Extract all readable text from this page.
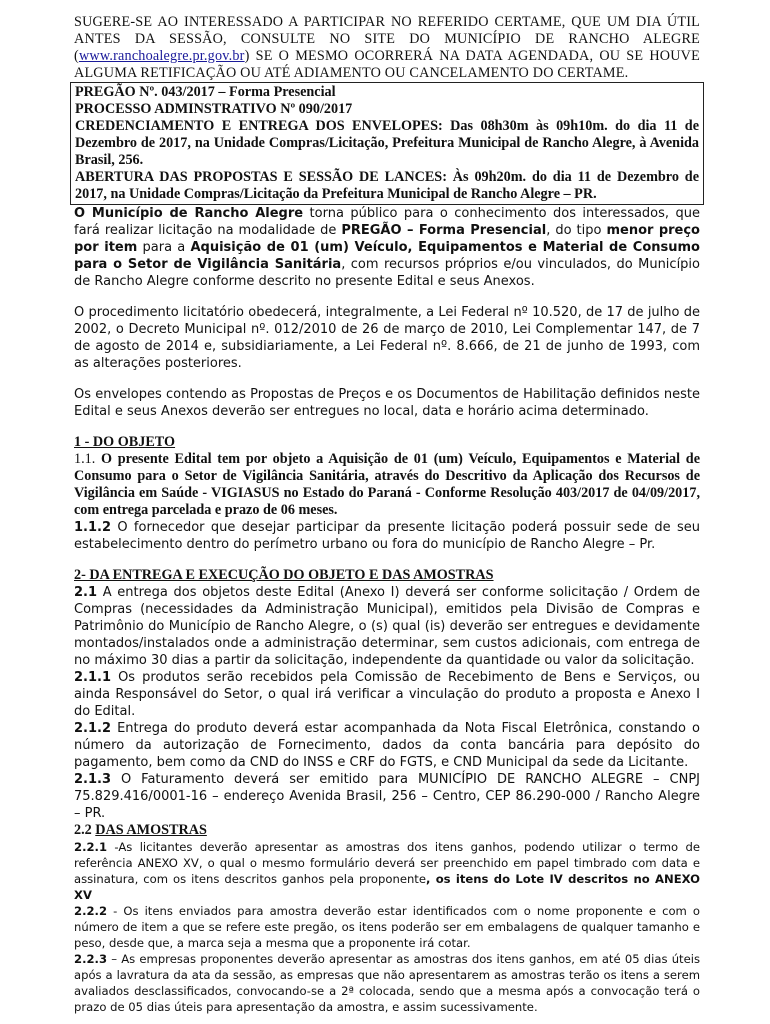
SUGERE-SE AO INTERESSADO A PARTICIPAR NO REFERIDO CERTAME, QUE UM DIA ÚTIL ANTES DA SESSÃO, CONSULTE NO SITE DO MUNICÍPIO DE RANCHO ALEGRE (www.ranchoalegre.pr.gov.br) SE O MESMO OCORRERÁ NA DATA AGENDADA, OU SE HOUVE ALGUMA RETIFICAÇÃO OU ATÉ ADIAMENTO OU CANCELAMENTO DO CERTAME.

PREGÃO Nº. 043/2017 – Forma Presencial

PROCESSO ADMINSTRATIVO Nº 090/2017

CREDENCIAMENTO E ENTREGA DOS ENVELOPES: Das 08h30m às 09h10m. do dia 11 de Dezembro de 2017, na Unidade Compras/Licitação, Prefeitura Municipal de Rancho Alegre, à Avenida Brasil, 256.

ABERTURA DAS PROPOSTAS E SESSÃO DE LANCES: Às 09h20m. do dia 11 de Dezembro de 2017, na Unidade Compras/Licitação da Prefeitura Municipal de Rancho Alegre – PR.

O Município de Rancho Alegre torna público para o conhecimento dos interessados, que fará realizar licitação na modalidade de PREGÃO – Forma Presencial, do tipo menor preço por item para a Aquisição de 01 (um) Veículo, Equipamentos e Material de Consumo para o Setor de Vigilância Sanitária, com recursos próprios e/ou vinculados, do Município de Rancho Alegre conforme descrito no presente Edital e seus Anexos.

O procedimento licitatório obedecerá, integralmente, a Lei Federal nº 10.520, de 17 de julho de 2002, o Decreto Municipal nº. 012/2010 de 26 de março de 2010, Lei Complementar 147, de 7 de agosto de 2014 e, subsidiariamente, a Lei Federal nº. 8.666, de 21 de junho de 1993, com as alterações posteriores.

Os envelopes contendo as Propostas de Preços e os Documentos de Habilitação definidos neste Edital e seus Anexos deverão ser entregues no local, data e horário acima determinado.

1 - DO OBJETO

1.1. O presente Edital tem por objeto a Aquisição de 01 (um) Veículo, Equipamentos e Material de Consumo para o Setor de Vigilância Sanitária, através do Descritivo da Aplicação dos Recursos de Vigilância em Saúde - VIGIASUS no Estado do Paraná - Conforme Resolução 403/2017 de 04/09/2017, com entrega parcelada e prazo de 06 meses.

1.1.2 O fornecedor que desejar participar da presente licitação poderá possuir sede de seu estabelecimento dentro do perímetro urbano ou fora do município de Rancho Alegre – Pr.

2- DA ENTREGA E EXECUÇÃO DO OBJETO E DAS AMOSTRAS

2.1 A entrega dos objetos deste Edital (Anexo I) deverá ser conforme solicitação / Ordem de Compras (necessidades da Administração Municipal), emitidos pela Divisão de Compras e Patrimônio do Município de Rancho Alegre, o (s) qual (is) deverão ser entregues e devidamente montados/instalados onde a administração determinar, sem custos adicionais, com entrega de no máximo 30 dias a partir da solicitação, independente da quantidade ou valor da solicitação.

2.1.1 Os produtos serão recebidos pela Comissão de Recebimento de Bens e Serviços, ou ainda Responsável do Setor, o qual irá verificar a vinculação do produto a proposta e Anexo I do Edital.

2.1.2 Entrega do produto deverá estar acompanhada da Nota Fiscal Eletrônica, constando o número da autorização de Fornecimento, dados da conta bancária para depósito do pagamento, bem como da CND do INSS e CRF do FGTS, e CND Municipal da sede da Licitante.

2.1.3 O Faturamento deverá ser emitido para MUNICÍPIO DE RANCHO ALEGRE – CNPJ 75.829.416/0001-16 – endereço Avenida Brasil, 256 – Centro, CEP 86.290-000 / Rancho Alegre – PR.

2.2 DAS AMOSTRAS

2.2.1 -As licitantes deverão apresentar as amostras dos itens ganhos, podendo utilizar o termo de referência ANEXO XV, o qual o mesmo formulário deverá ser preenchido em papel timbrado com data e assinatura, com os itens descritos ganhos pela proponente, os itens do Lote IV descritos no ANEXO XV

2.2.2 - Os itens enviados para amostra deverão estar identificados com o nome proponente e com o número de item a que se refere este pregão, os itens poderão ser em embalagens de qualquer tamanho e peso, desde que, a marca seja a mesma que a proponente irá cotar.

2.2.3 – As empresas proponentes deverão apresentar as amostras dos itens ganhos, em até 05 dias úteis após a lavratura da ata da sessão, as empresas que não apresentarem as amostras terão os itens a serem avaliados desclassificados, convocando-se a 2ª colocada, sendo que a mesma após a convocação terá o prazo de 05 dias úteis para apresentação da amostra, e assim sucessivamente.
